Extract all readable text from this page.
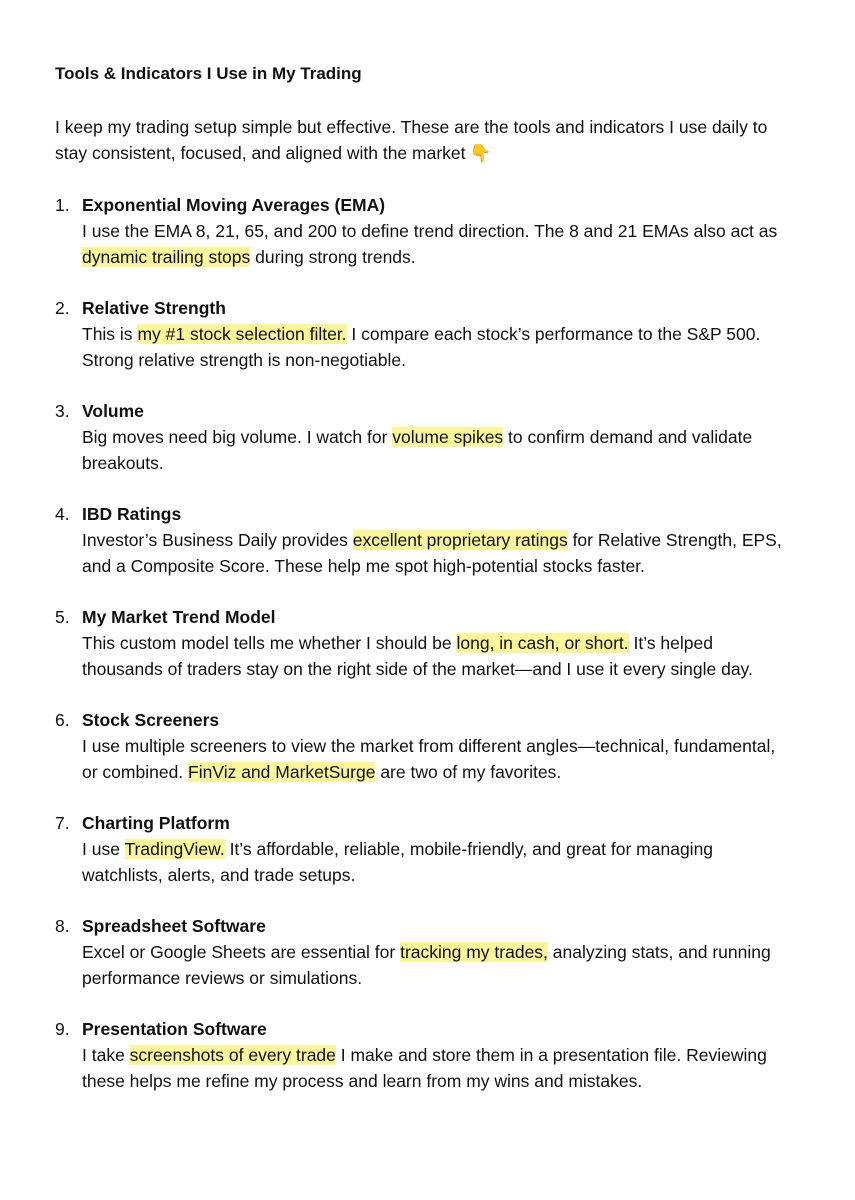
Tools & Indicators I Use in My Trading

I keep my trading setup simple but effective. These are the tools and indicators I use daily to stay consistent, focused, and aligned with the market 👇

1. Exponential Moving Averages (EMA)
I use the EMA 8, 21, 65, and 200 to define trend direction. The 8 and 21 EMAs also act as dynamic trailing stops during strong trends.
2. Relative Strength
This is my #1 stock selection filter. I compare each stock’s performance to the S&P 500. Strong relative strength is non-negotiable.
3. Volume
Big moves need big volume. I watch for volume spikes to confirm demand and validate breakouts.
4. IBD Ratings
Investor’s Business Daily provides excellent proprietary ratings for Relative Strength, EPS, and a Composite Score. These help me spot high-potential stocks faster.
5. My Market Trend Model
This custom model tells me whether I should be long, in cash, or short. It’s helped thousands of traders stay on the right side of the market—and I use it every single day.
6. Stock Screeners
I use multiple screeners to view the market from different angles—technical, fundamental, or combined. FinViz and MarketSurge are two of my favorites.
7. Charting Platform
I use TradingView. It’s affordable, reliable, mobile-friendly, and great for managing watchlists, alerts, and trade setups.
8. Spreadsheet Software
Excel or Google Sheets are essential for tracking my trades, analyzing stats, and running performance reviews or simulations.
9. Presentation Software
I take screenshots of every trade I make and store them in a presentation file. Reviewing these helps me refine my process and learn from my wins and mistakes.
